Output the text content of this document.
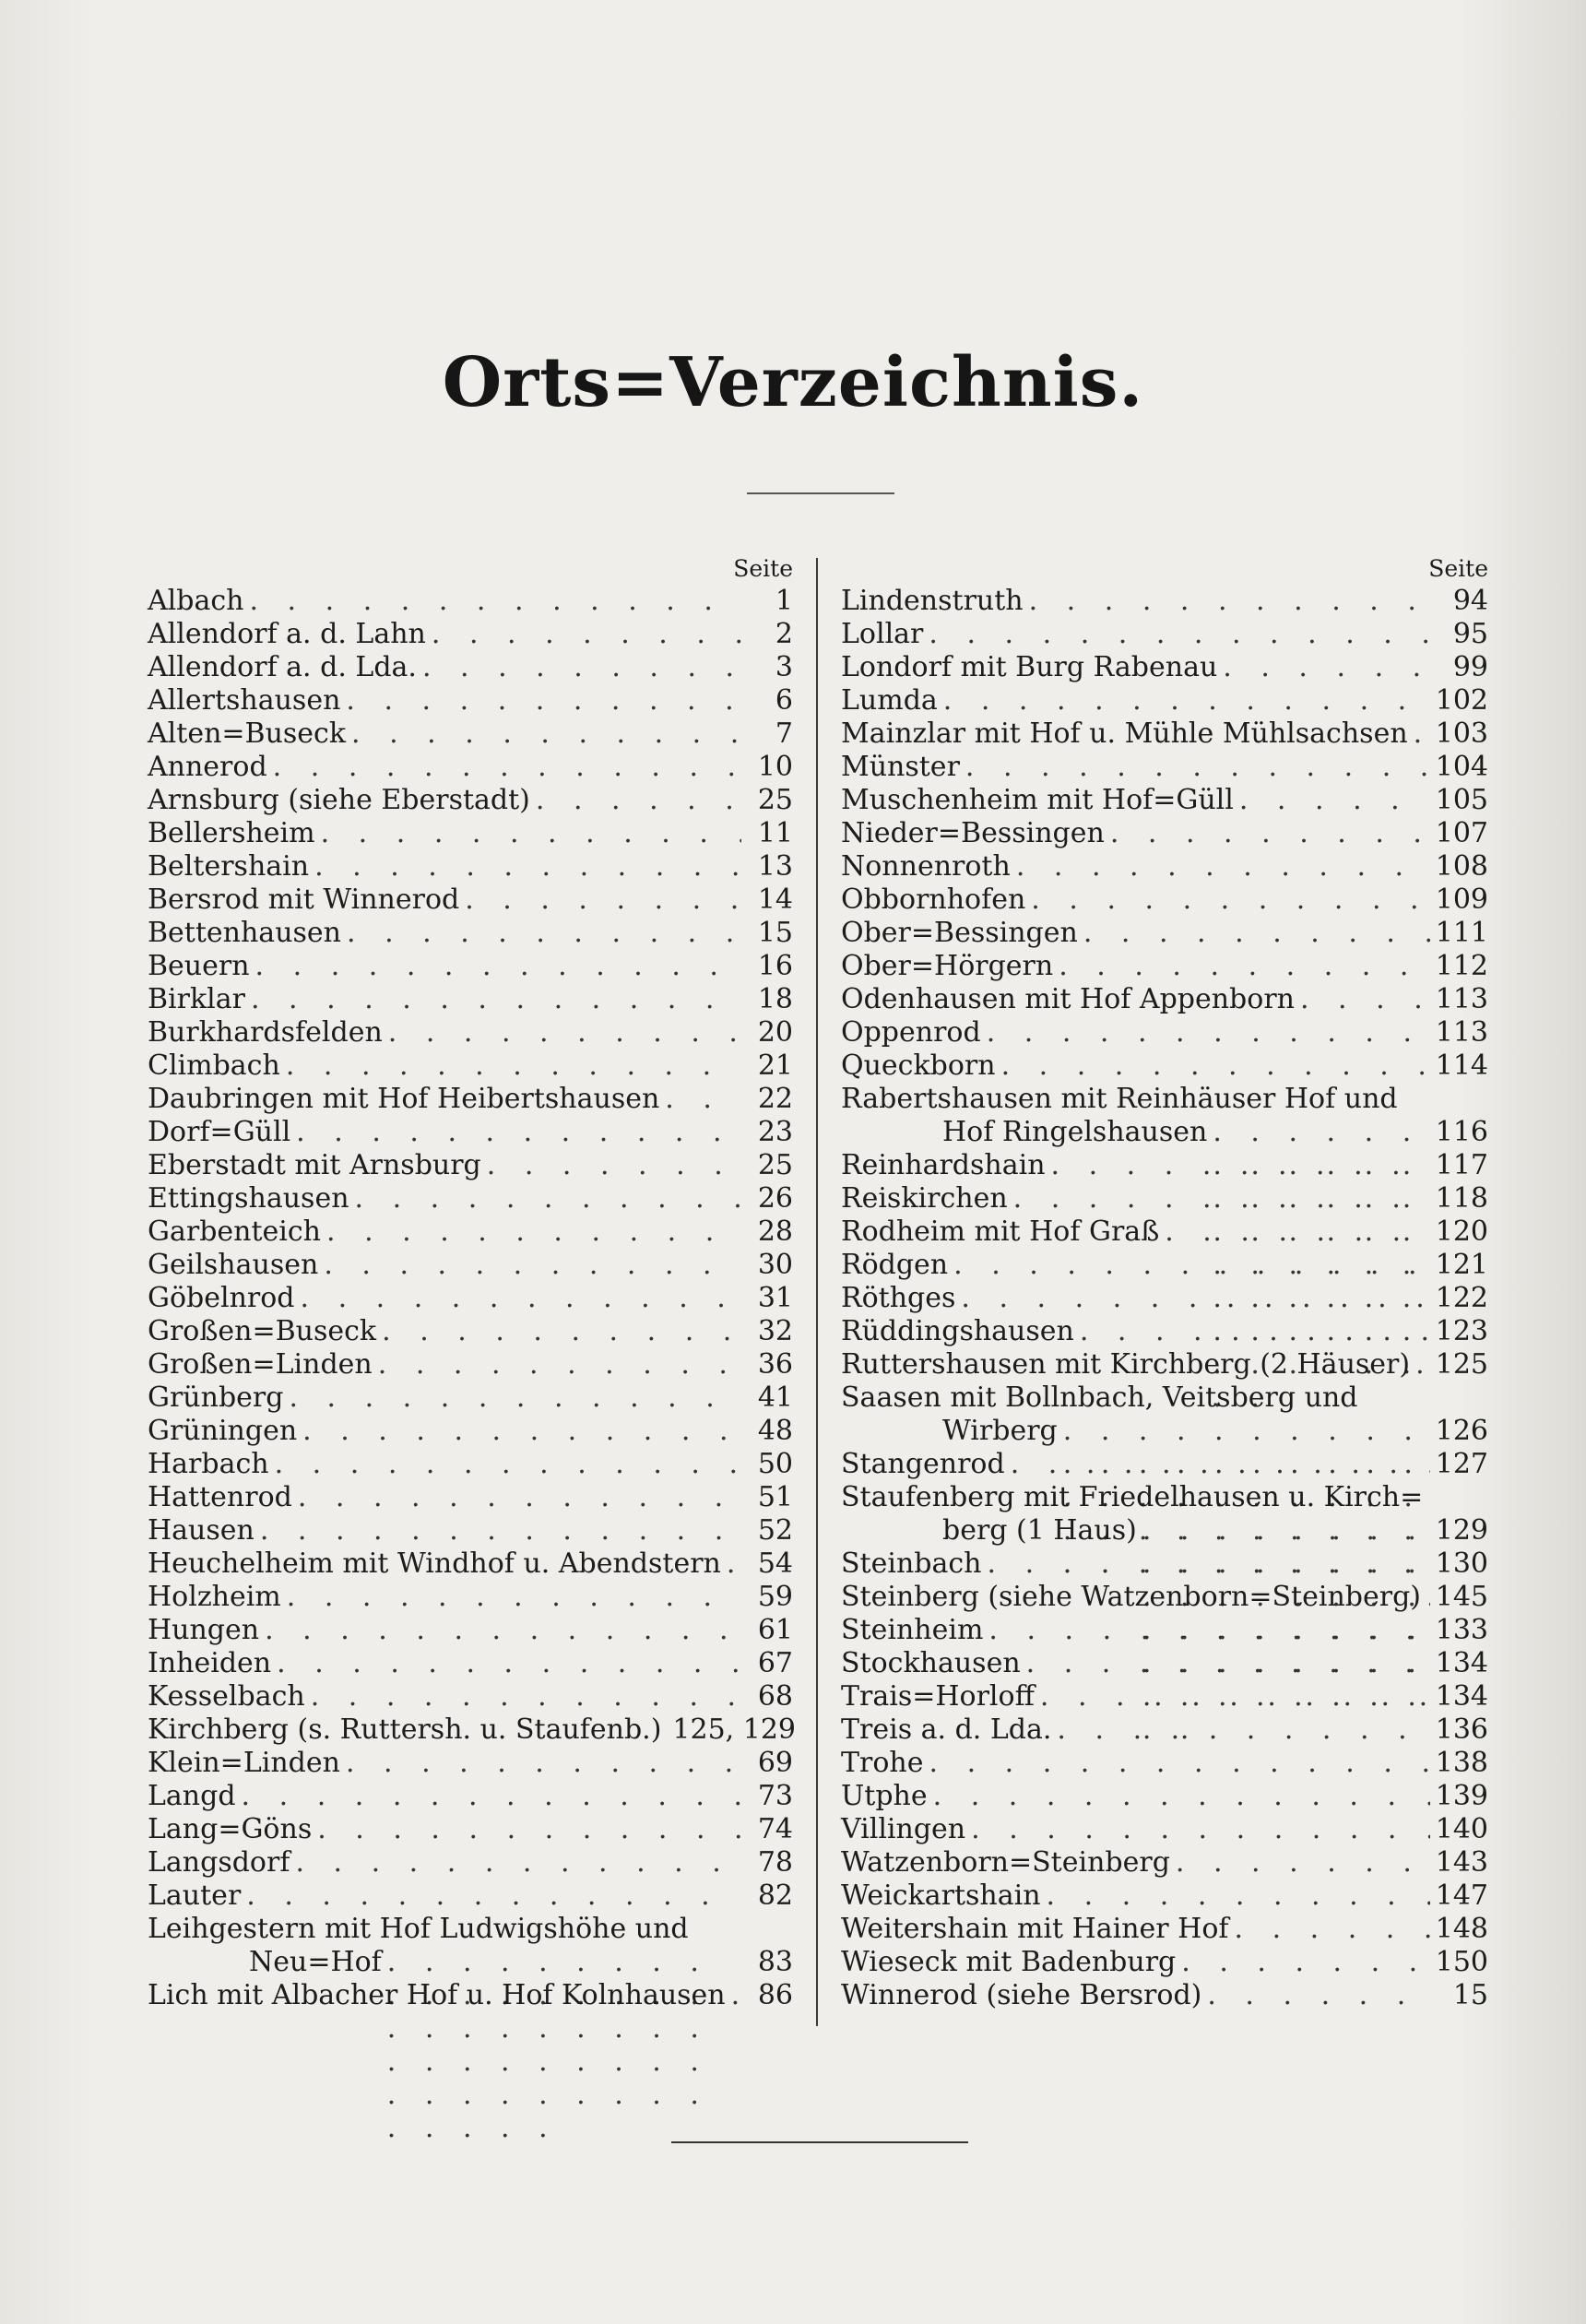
Orts=Verzeichnis.
Seite
Albach . . .	1
Allendorf a. d. Lahn . . .	2
Allendorf a. d. Lda. . . .	3
Allertshausen . . .	6
Alten=Buseck . . .	7
Annerod . . .	10
Arnsburg (siehe Eberstadt) . . .	25
Bellersheim . . .	11
Beltershain . . .	13
Bersrod mit Winnerod . . .	14
Bettenhausen . . .	15
Beuern . . .	16
Birklar . . .	18
Burkhardsfelden . . .	20
Climbach . . .	21
Daubringen mit Hof Heibertshausen . . .	22
Dorf=Güll . . .	23
Eberstadt mit Arnsburg . . .	25
Ettingshausen . . .	26
Garbenteich . . .	28
Geilshausen . . .	30
Göbelnrod . . .	31
Großen=Buseck . . .	32
Großen=Linden . . .	36
Grünberg . . .	41
Grüningen . . .	48
Harbach . . .	50
Hattenrod . . .	51
Hausen . . .	52
Heuchelheim mit Windhof u. Abendstern . . .	54
Holzheim . . .	59
Hungen . . .	61
Inheiden . . .	67
Kesselbach . . .	68
Kirchberg (s. Ruttersh. u. Staufenb.) 125, 129
Klein=Linden . . .	69
Langd . . .	73
Lang=Göns . . .	74
Langsdorf . . .	78
Lauter . . .	82
Leihgestern mit Hof Ludwigshöhe und
Neu=Hof . . .	83
Lich mit Albacher Hof u. Hof Kolnhausen . . .	86
Seite
Lindenstruth . . .	94
Lollar . . .	95
Londorf mit Burg Rabenau . . .	99
Lumda . . .	102
Mainzlar mit Hof u. Mühle Mühlsachsen . . . 103
Münster . . .	104
Muschenheim mit Hof=Güll . . .	105
Nieder=Bessingen . . .	107
Nonnenroth . . .	108
Obbornhofen . . .	109
Ober=Bessingen . . .	111
Ober=Hörgern . . .	112
Odenhausen mit Hof Appenborn . . .	113
Oppenrod . . .	113
Queckborn . . .	114
Rabertshausen mit Reinhäuser Hof und
Hof Ringelshausen . . .	116
Reinhardshain . . .	117
Reiskirchen . . .	118
Rodheim mit Hof Graß . . .	120
Rödgen . . .	121
Röthges . . .	122
Rüddingshausen . . .	123
Ruttershausen mit Kirchberg (2 Häuser) . . . 125
Saasen mit Bollnbach, Veitsberg und
Wirberg . . .	126
Stangenrod . . .	127
Staufenberg mit Friedelhausen u. Kirch=
berg (1 Haus) . . .	129
Steinbach . . .	130
Steinberg (siehe Watzenborn=Steinberg) . . . 145
Steinheim . . .	133
Stockhausen . . .	134
Trais=Horloff . . .	134
Treis a. d. Lda. . . .	136
Trohe . . .	138
Utphe . . .	139
Villingen . . .	140
Watzenborn=Steinberg . . .	143
Weickartshain . . .	147
Weitershain mit Hainer Hof . . .	148
Wieseck mit Badenburg . . .	150
Winnerod (siehe Bersrod) . . .	15
